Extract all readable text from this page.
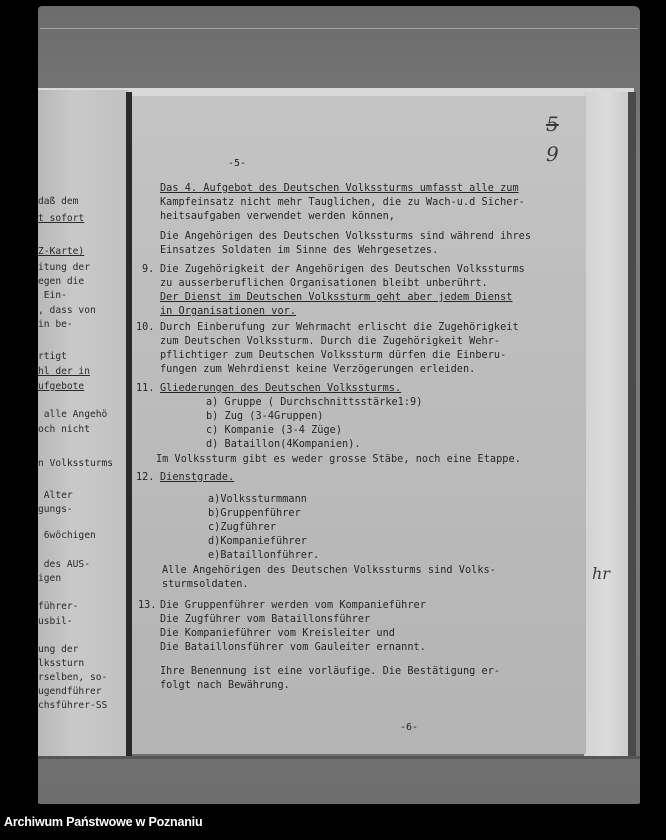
daß dem

t sofort

Z-Karte)

itung der

egen die

Ein-

, dass von

in be-

rtigt

hl der in

ufgebote

alle Angehö

och nicht

n Volkssturms

Alter

gungs-

6wöchigen

des AUS-

igen

führer-

usbil-

ung der

lkssturn

rselben, so-

ugendführer

chsführer-SS

-5-
Das 4. Aufgebot des Deutschen Volkssturms umfasst alle zum
Kampfeinsatz nicht mehr Tauglichen, die zu Wach-u.d Sicher-
heitsaufgaben verwendet werden können,
Die Angehörigen des Deutschen Volkssturms sind während ihres
Einsatzes Soldaten im Sinne des Wehrgesetzes.
9. Die Zugehörigkeit der Angehörigen des Deutschen Volkssturms
zu ausserberuflichen Organisationen bleibt unberührt.
Der Dienst im Deutschen Volkssturm geht aber jedem Dienst
in Organisationen vor.
10. Durch Einberufung zur Wehrmacht erlischt die Zugehörigkeit
zum Deutschen Volkssturm. Durch die Zugehörigkeit Wehr-
pflichtiger zum Deutschen Volkssturm dürfen die Einberu-
fungen zum Wehrdienst keine Verzögerungen erleiden.
11. Gliederungen des Deutschen Volkssturms.
a) Gruppe ( Durchschnittsstärke1:9)
b) Zug (3-4Gruppen)
c) Kompanie (3-4 Züge)
d) Bataillon(4Kompanien).
Im Volkssturm gibt es weder grosse Stäbe, noch eine Etappe.
12. Dienstgrade.
a)Volkssturmmann
b)Gruppenführer
c)Zugführer
d)Kompanieführer
e)Bataillonführer.
Alle Angehörigen des Deutschen Volkssturms sind Volks-
sturmsoldaten.
13. Die Gruppenführer werden vom Kompanieführer
Die Zugführer vom Bataillonsführer
Die Kompanieführer vom Kreisleiter und
Die Bataillonsführer vom Gauleiter ernannt.
Ihre Benennung ist eine vorläufige. Die Bestätigung er-
folgt nach Bewährung.
-6-
5
9
hr
Archiwum Państwowe w Poznaniu
